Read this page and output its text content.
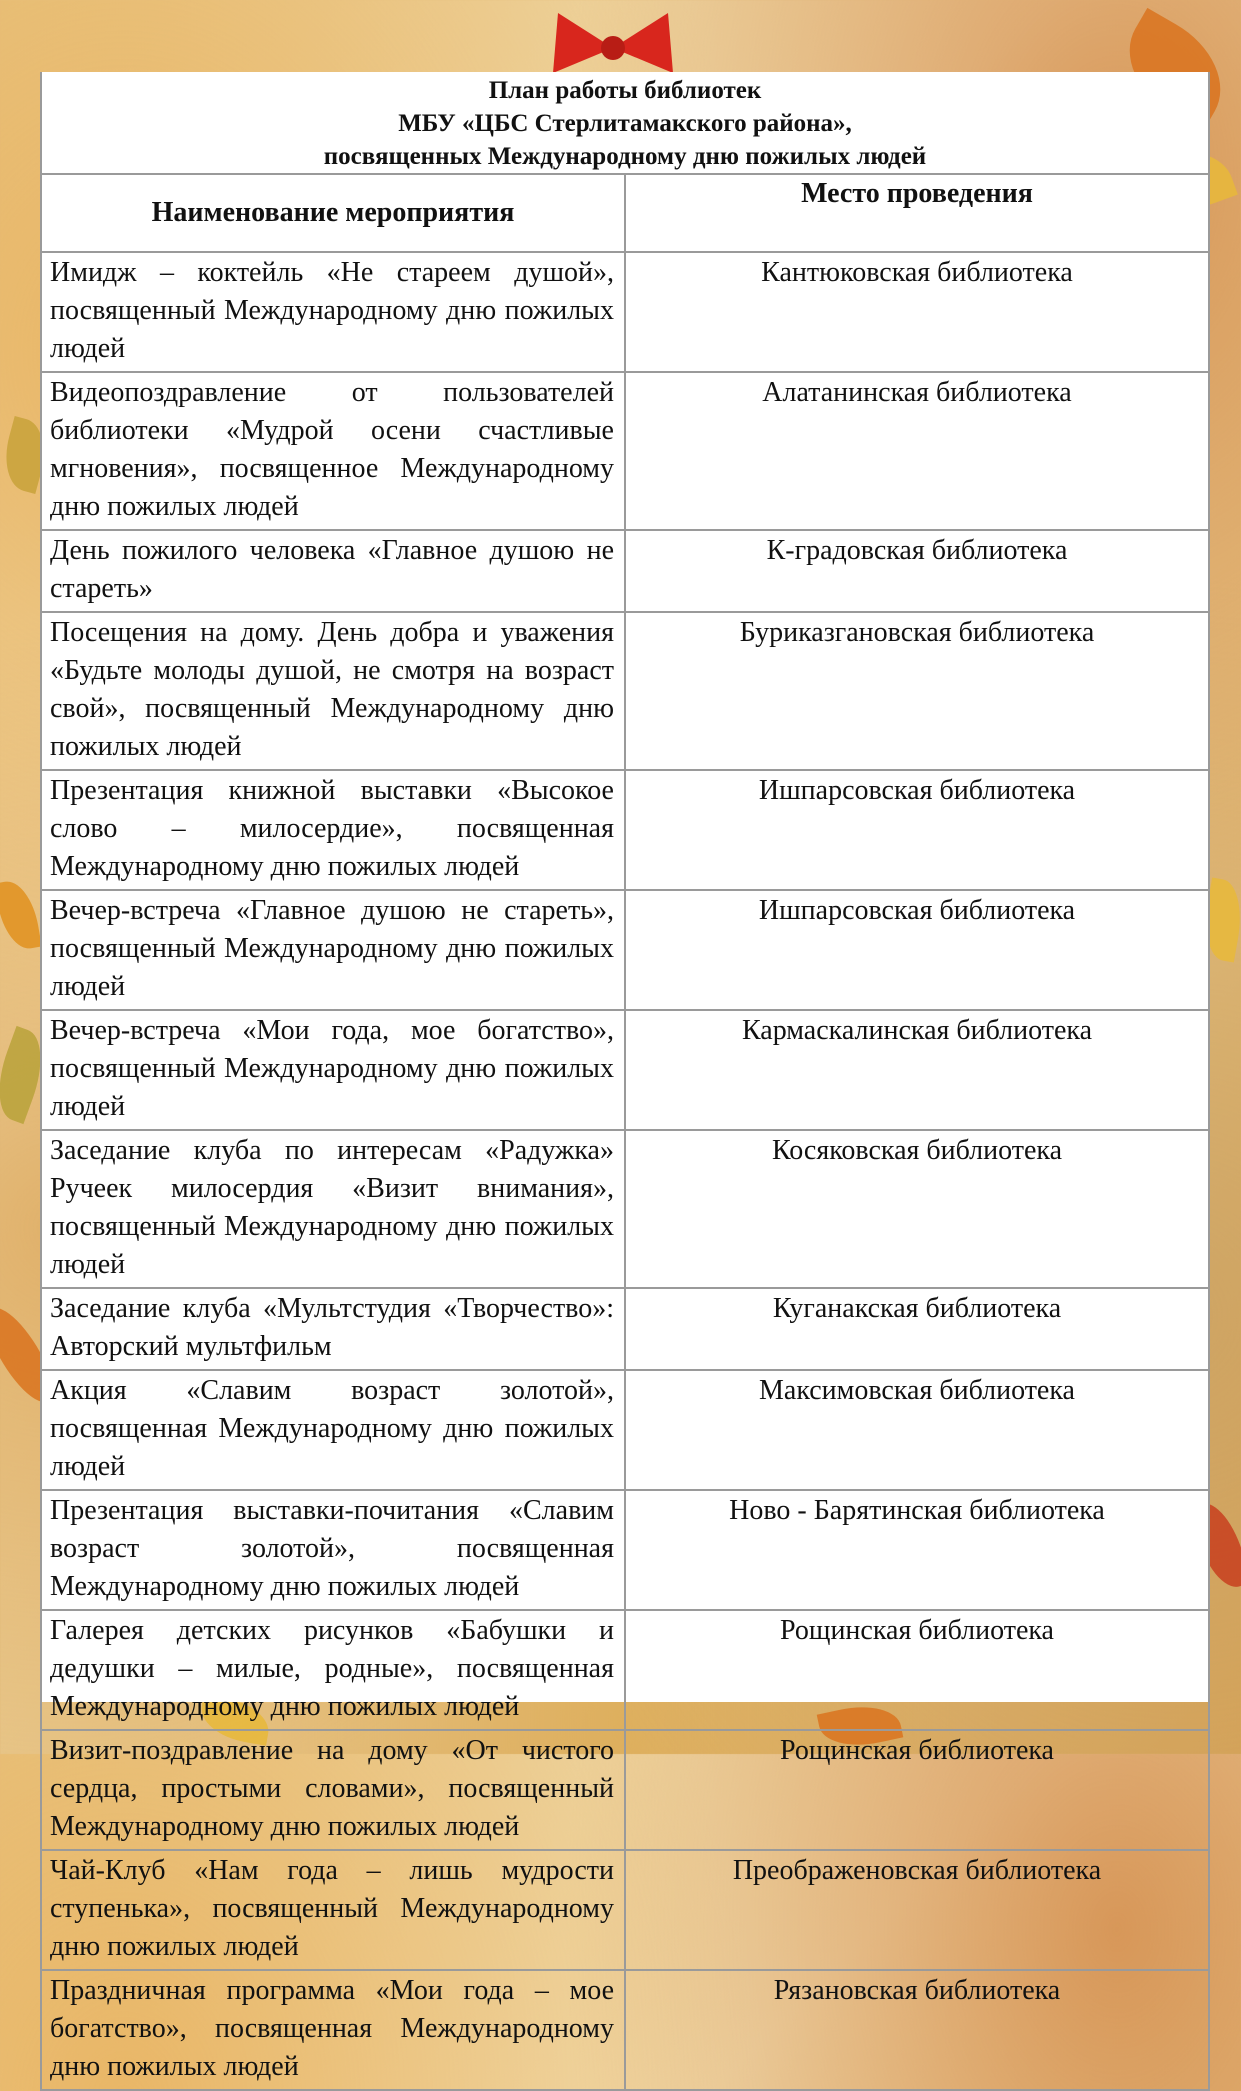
План работы библиотек
МБУ «ЦБС Стерлитамакского района»,
посвященных Международному дню пожилых людей	

Наименование мероприятия	Место проведения
Имидж – коктейль «Не стареем душой», посвященный Международному дню пожилых людей	Кантюковская библиотека
Видеопоздравление от пользователей библиотеки «Мудрой осени счастливые мгновения», посвященное Международному дню пожилых людей	Алатанинская библиотека
День пожилого человека «Главное душою не стареть»	К-градовская библиотека
Посещения на дому. День добра и уважения «Будьте молоды душой, не смотря на возраст свой», посвященный Международному дню пожилых людей	Буриказгановская библиотека
Презентация книжной выставки «Высокое слово – милосердие», посвященная Международному дню пожилых людей	Ишпарсовская библиотека
Вечер-встреча «Главное душою не стареть», посвященный Международному дню пожилых людей	Ишпарсовская библиотека
Вечер-встреча «Мои года, мое богатство», посвященный Международному дню пожилых людей	Кармаскалинская библиотека
Заседание клуба по интересам «Радужка» Ручеек милосердия «Визит внимания», посвященный Международному дню пожилых людей	Косяковская библиотека
Заседание клуба «Мультстудия «Творчество»: Авторский мультфильм	Куганакская библиотека
Акция «Славим возраст золотой», посвященная Международному дню пожилых людей	Максимовская библиотека
Презентация выставки-почитания «Славим возраст золотой», посвященная Международному дню пожилых людей	Ново - Барятинская библиотека
Галерея детских рисунков «Бабушки и дедушки – милые, родные», посвященная Международному дню пожилых людей	Рощинская библиотека
Визит-поздравление на дому «От чистого сердца, простыми словами», посвященный Международному дню пожилых людей	Рощинская библиотека
Чай-Клуб «Нам года – лишь мудрости ступенька», посвященный Международному дню пожилых людей	Преображеновская библиотека
Праздничная программа «Мои года – мое богатство», посвященная Международному дню пожилых людей	Рязановская библиотека
